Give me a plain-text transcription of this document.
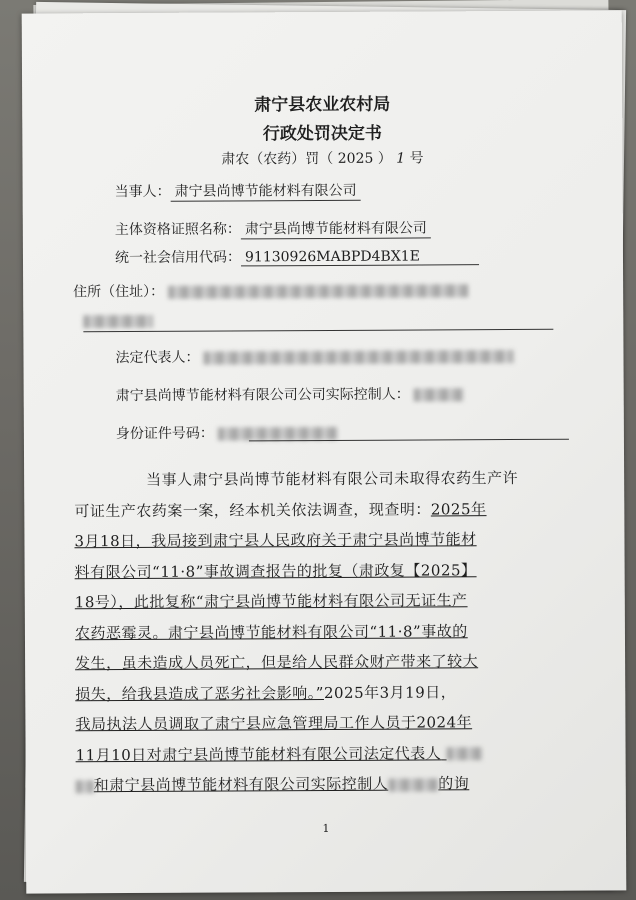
肃宁县农业农村局
行政处罚决定书
肃农（农药）罚（ 2025 ） 1 号
当事人： 肃宁县尚博节能材料有限公司
主体资格证照名称： 肃宁县尚博节能材料有限公司
统一社会信用代码： 91130926MABPD4BX1E
住所（住址）：
法定代表人：
肃宁县尚博节能材料有限公司公司实际控制人：
身份证件号码：

当事人肃宁县尚博节能材料有限公司未取得农药生产许

可证生产农药案一案，经本机关依法调查，现查明：2025年

3月18日，我局接到肃宁县人民政府关于肃宁县尚博节能材

料有限公司“11·8”事故调查报告的批复（肃政复【2025】

18号），此批复称“肃宁县尚博节能材料有限公司无证生产

农药恶霉灵。肃宁县尚博节能材料有限公司“11·8”事故的

发生，虽未造成人员死亡，但是给人民群众财产带来了较大

损失，给我县造成了恶劣社会影响。”2025年3月19日，

我局执法人员调取了肃宁县应急管理局工作人员于2024年

11月10日对肃宁县尚博节能材料有限公司法定代表人

和肃宁县尚博节能材料有限公司实际控制人	的询

1
